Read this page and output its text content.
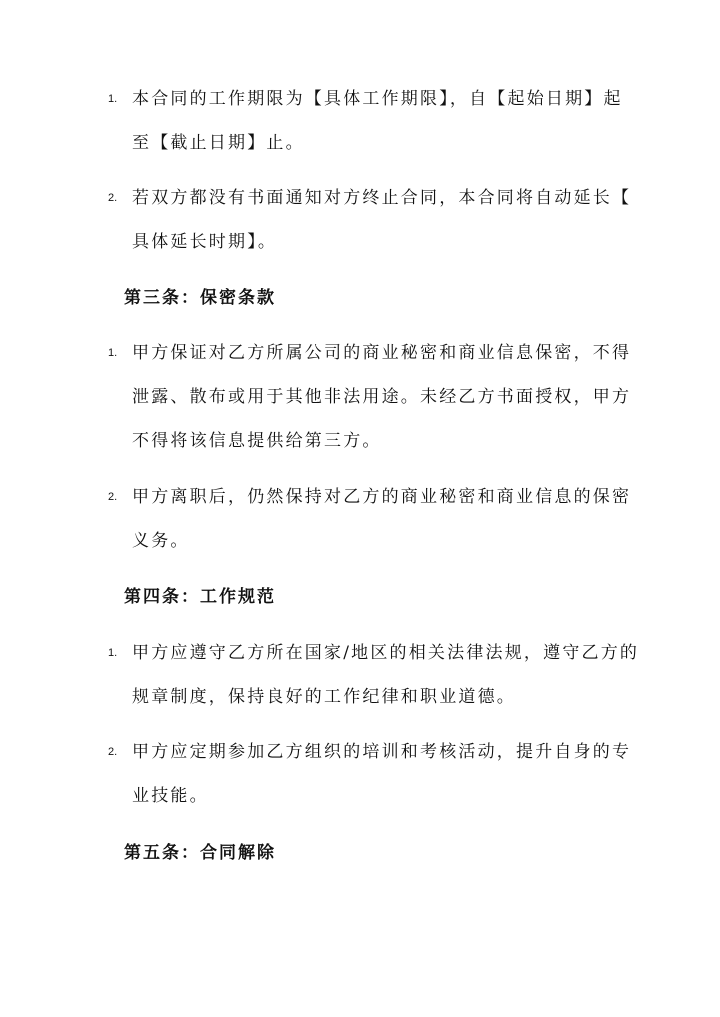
1. 本合同的工作期限为【具体工作期限】，自【起始日期】起
至【截止日期】止。
2. 若双方都没有书面通知对方终止合同，本合同将自动延长【
具体延长时期】。
第三条：保密条款
1. 甲方保证对乙方所属公司的商业秘密和商业信息保密，不得
泄露、散布或用于其他非法用途。未经乙方书面授权，甲方
不得将该信息提供给第三方。
2. 甲方离职后，仍然保持对乙方的商业秘密和商业信息的保密
义务。
第四条：工作规范
1. 甲方应遵守乙方所在国家/地区的相关法律法规，遵守乙方的
规章制度，保持良好的工作纪律和职业道德。
2. 甲方应定期参加乙方组织的培训和考核活动，提升自身的专
业技能。
第五条：合同解除
